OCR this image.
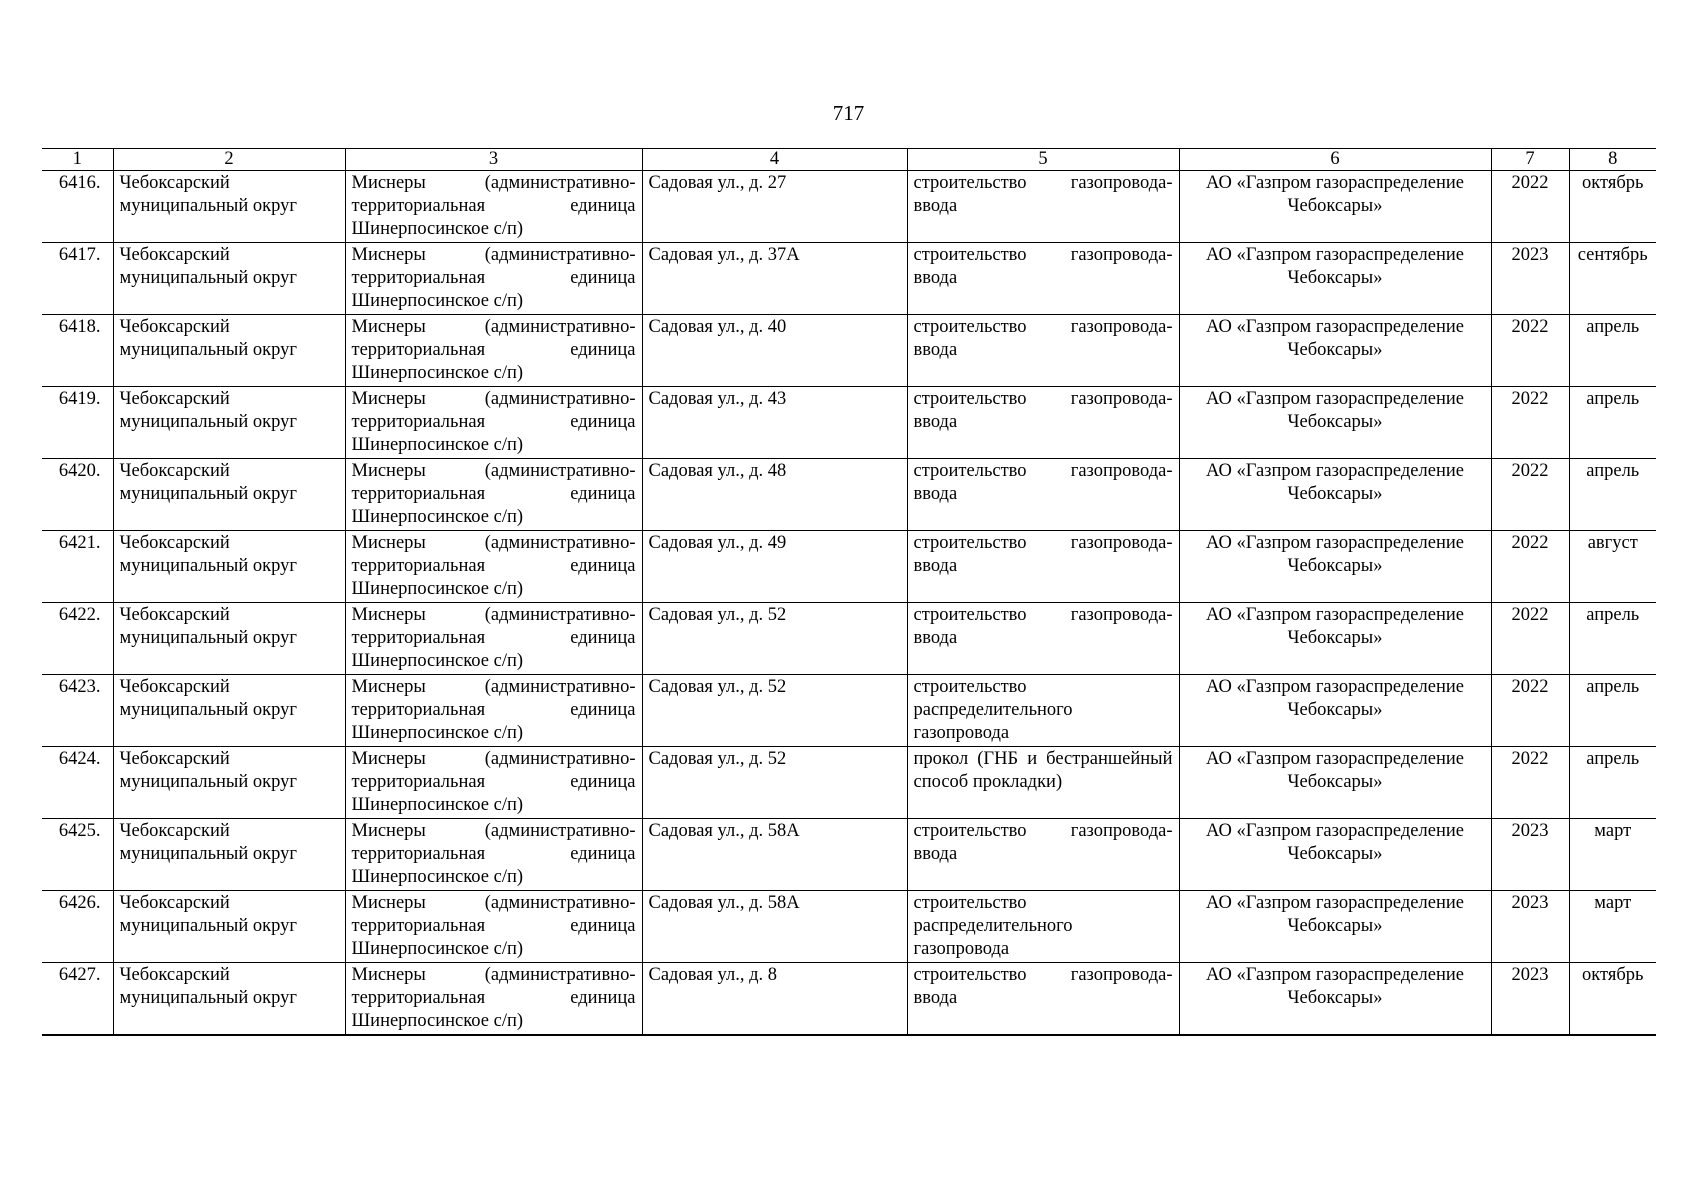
717
1	2	3	4	5	6	7	8
6416.	Чебоксарский муниципальный округ	Миснеры (административно-территориальная единица Шинерпосинское с/п)	Садовая ул., д. 27	строительство газопровода-ввода	АО «Газпром газораспределение Чебоксары»	2022	октябрь
6417.	Чебоксарский муниципальный округ	Миснеры (административно-территориальная единица Шинерпосинское с/п)	Садовая ул., д. 37А	строительство газопровода-ввода	АО «Газпром газораспределение Чебоксары»	2023	сентябрь
6418.	Чебоксарский муниципальный округ	Миснеры (административно-территориальная единица Шинерпосинское с/п)	Садовая ул., д. 40	строительство газопровода-ввода	АО «Газпром газораспределение Чебоксары»	2022	апрель
6419.	Чебоксарский муниципальный округ	Миснеры (административно-территориальная единица Шинерпосинское с/п)	Садовая ул., д. 43	строительство газопровода-ввода	АО «Газпром газораспределение Чебоксары»	2022	апрель
6420.	Чебоксарский муниципальный округ	Миснеры (административно-территориальная единица Шинерпосинское с/п)	Садовая ул., д. 48	строительство газопровода-ввода	АО «Газпром газораспределение Чебоксары»	2022	апрель
6421.	Чебоксарский муниципальный округ	Миснеры (административно-территориальная единица Шинерпосинское с/п)	Садовая ул., д. 49	строительство газопровода-ввода	АО «Газпром газораспределение Чебоксары»	2022	август
6422.	Чебоксарский муниципальный округ	Миснеры (административно-территориальная единица Шинерпосинское с/п)	Садовая ул., д. 52	строительство газопровода-ввода	АО «Газпром газораспределение Чебоксары»	2022	апрель
6423.	Чебоксарский муниципальный округ	Миснеры (административно-территориальная единица Шинерпосинское с/п)	Садовая ул., д. 52	строительство распределительного газопровода	АО «Газпром газораспределение Чебоксары»	2022	апрель
6424.	Чебоксарский муниципальный округ	Миснеры (административно-территориальная единица Шинерпосинское с/п)	Садовая ул., д. 52	прокол (ГНБ и бестраншейный способ прокладки)	АО «Газпром газораспределение Чебоксары»	2022	апрель
6425.	Чебоксарский муниципальный округ	Миснеры (административно-территориальная единица Шинерпосинское с/п)	Садовая ул., д. 58А	строительство газопровода-ввода	АО «Газпром газораспределение Чебоксары»	2023	март
6426.	Чебоксарский муниципальный округ	Миснеры (административно-территориальная единица Шинерпосинское с/п)	Садовая ул., д. 58А	строительство распределительного газопровода	АО «Газпром газораспределение Чебоксары»	2023	март
6427.	Чебоксарский муниципальный округ	Миснеры (административно-территориальная единица Шинерпосинское с/п)	Садовая ул., д. 8	строительство газопровода-ввода	АО «Газпром газораспределение Чебоксары»	2023	октябрь
